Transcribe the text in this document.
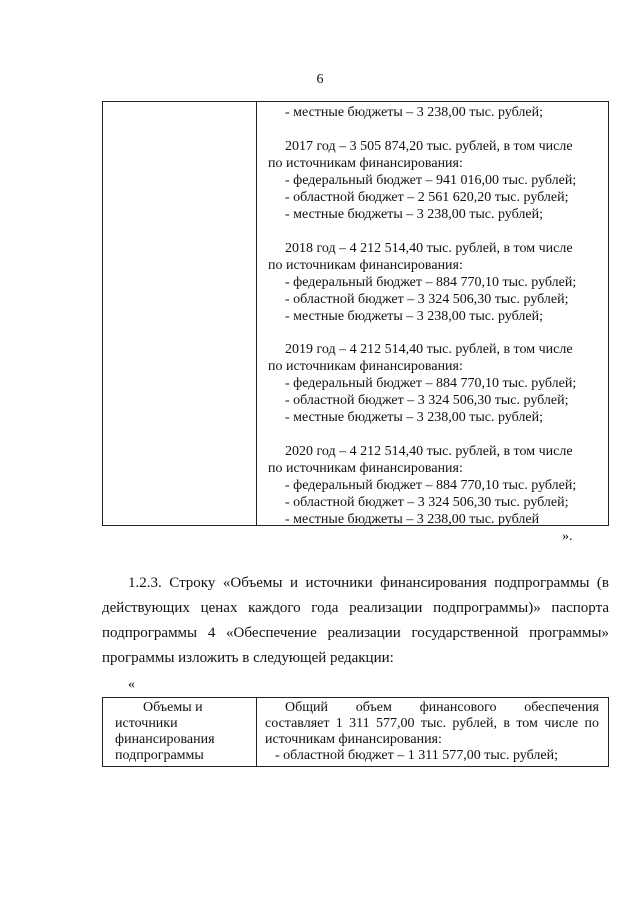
6
- местные бюджеты – 3 238,00 тыс. рублей;
2017 год – 3 505 874,20 тыс. рублей, в том числе
по источникам финансирования:
- федеральный бюджет – 941 016,00 тыс. рублей;
- областной бюджет – 2 561 620,20 тыс. рублей;
- местные бюджеты – 3 238,00 тыс. рублей;
2018 год – 4 212 514,40 тыс. рублей, в том числе
по источникам финансирования:
- федеральный бюджет – 884 770,10 тыс. рублей;
- областной бюджет – 3 324 506,30 тыс. рублей;
- местные бюджеты – 3 238,00 тыс. рублей;
2019 год – 4 212 514,40 тыс. рублей, в том числе
по источникам финансирования:
- федеральный бюджет – 884 770,10 тыс. рублей;
- областной бюджет – 3 324 506,30 тыс. рублей;
- местные бюджеты – 3 238,00 тыс. рублей;
2020 год – 4 212 514,40 тыс. рублей, в том числе
по источникам финансирования:
- федеральный бюджет – 884 770,10 тыс. рублей;
- областной бюджет – 3 324 506,30 тыс. рублей;
- местные бюджеты – 3 238,00 тыс. рублей
».
1.2.3. Строку «Объемы и источники финансирования подпрограммы (в
действующих ценах каждого года реализации подпрограммы)» паспорта
подпрограммы 4 «Обеспечение реализации государственной программы»
программы изложить в следующей редакции:
«
Объемы и
источники
финансирования
подпрограммы
Общий объем финансового обеспечения
составляет 1 311 577,00 тыс. рублей, в том числе по
источникам финансирования:
- областной бюджет – 1 311 577,00 тыс. рублей;
